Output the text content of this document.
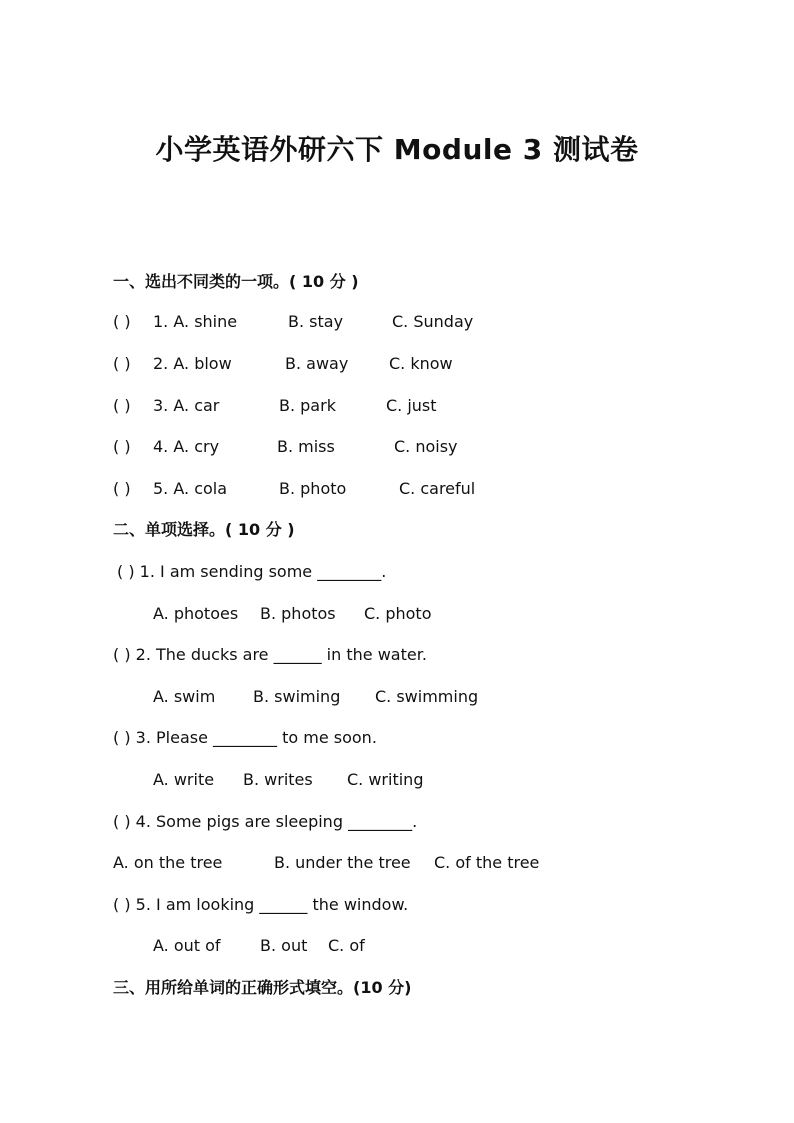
小学英语外研六下 Module 3 测试卷
一、选出不同类的一项。( 10 分 )
( ) 1. A. shine	B. stay	C. Sunday
( ) 2. A. blow	B. away	C. know
( ) 3. A. car	B. park	C. just
( ) 4. A. cry	B. miss	C. noisy
( ) 5. A. cola	B. photo	C. careful
二、单项选择。( 10 分 )
( ) 1. I am sending some ________.
A. photoes B. photos C. photo
( ) 2. The ducks are ______ in the water.
A. swim B. swiming C. swimming
( ) 3. Please ________ to me soon.
A. write B. writes C. writing
( ) 4. Some pigs are sleeping ________.
A. on the tree	B. under the tree C. of the tree
( ) 5. I am looking ______ the window.
A. out of B. out C. of
三、用所给单词的正确形式填空。(10 分)
